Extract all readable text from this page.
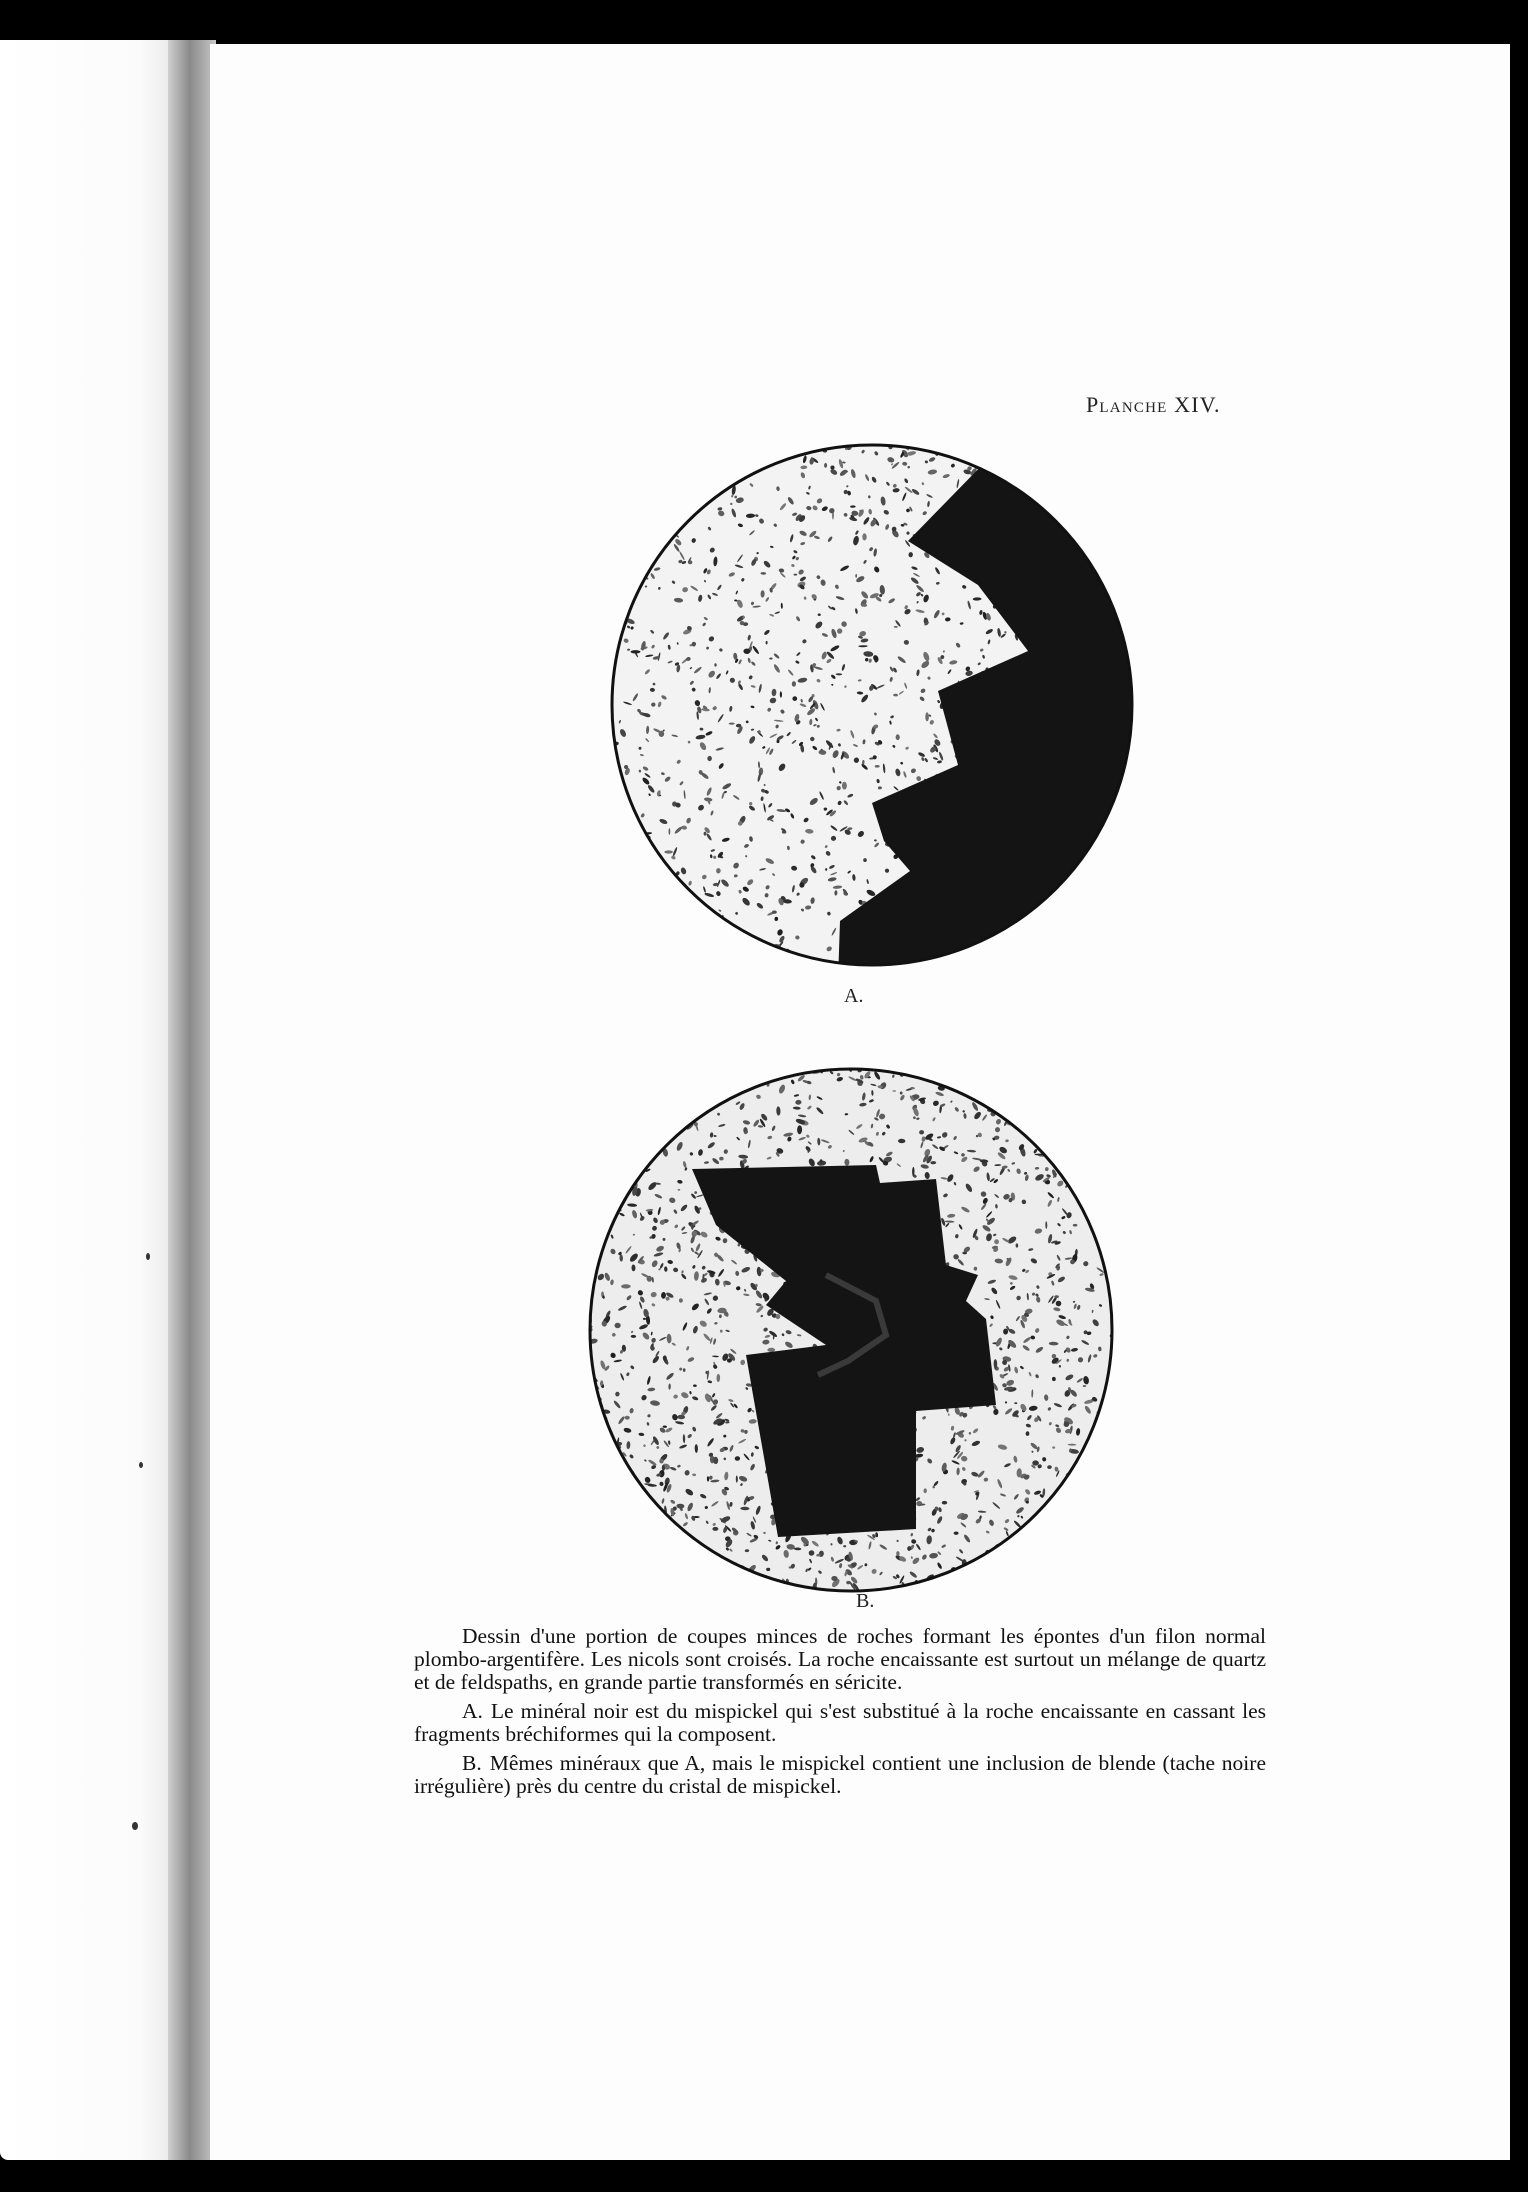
Planche XIV.
A.
B.

Dessin d'une portion de coupes minces de roches formant les épontes d'un filon normal plombo-argentifère. Les nicols sont croisés. La roche encaissante est surtout un mélange de quartz et de feldspaths, en grande partie transformés en séricite.

A. Le minéral noir est du mispickel qui s'est substitué à la roche encaissante en cassant les fragments bréchiformes qui la composent.

B. Mêmes minéraux que A, mais le mispickel contient une inclusion de blende (tache noire irrégulière) près du centre du cristal de mispickel.
